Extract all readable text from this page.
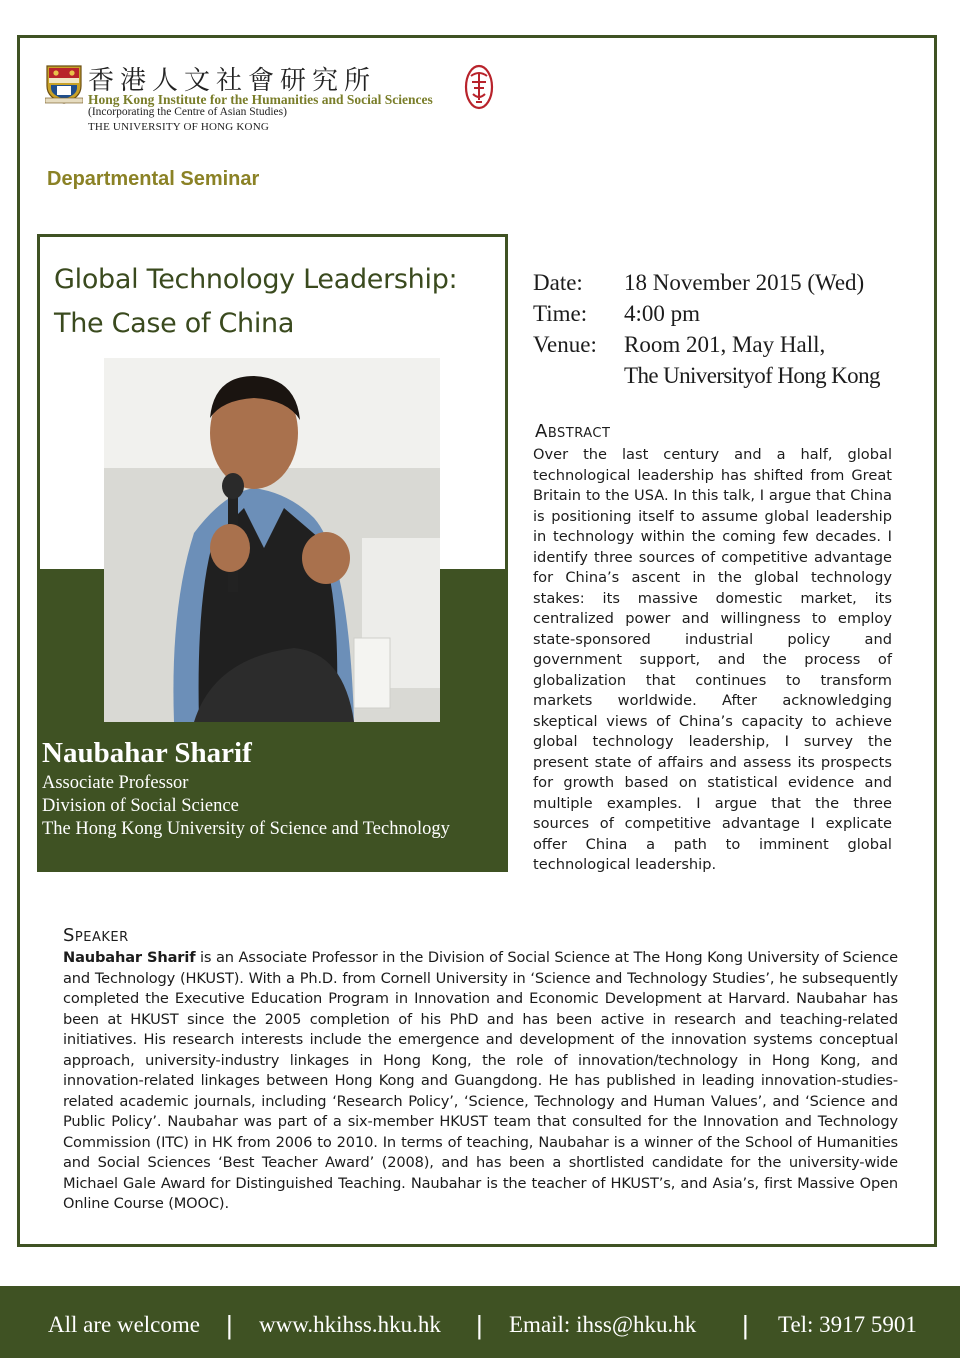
香港人文社會研究所
Hong Kong Institute for the Humanities and Social Sciences
(Incorporating the Centre of Asian Studies)
THE UNIVERSITY OF HONG KONG
Departmental Seminar
Global Technology Leadership:
The Case of China
Naubahar Sharif
Associate Professor
Division of Social Science
The Hong Kong University of Science and Technology
Date: 18 November 2015 (Wed)
Time: 4:00 pm
Venue: Room 201, May Hall,
The Universityof Hong Kong
Abstract

Over the last century and a half, global technological leadership has shifted from Great Britain to the USA. In this talk, I argue that China is positioning itself to assume global leadership in technology within the coming few decades. I identify three sources of competitive advantage for China’s ascent in the global technology stakes: its massive domestic market, its centralized power and willingness to employ state-sponsored industrial policy and government support, and the process of globalization that continues to transform markets worldwide. After acknowledging skeptical views of China’s capacity to achieve global technology leadership, I survey the present state of affairs and assess its prospects for growth based on statistical evidence and multiple examples. I argue that the three sources of competitive advantage I explicate offer China a path to imminent global technological leadership.

Speaker

Naubahar Sharif is an Associate Professor in the Division of Social Science at The Hong Kong University of Science and Technology (HKUST). With a Ph.D. from Cornell University in ‘Science and Technology Studies’, he subsequently completed the Executive Education Program in Innovation and Economic Development at Harvard. Naubahar has been at HKUST since the 2005 completion of his PhD and has been active in research and teaching-related initiatives. His research interests include the emergence and development of the innovation systems conceptual approach, university-industry linkages in Hong Kong, the role of innovation/technology in Hong Kong, and innovation-related linkages between Hong Kong and Guangdong. He has published in leading innovation-studies-related academic journals, including ‘Research Policy’, ‘Science, Technology and Human Values’, and ‘Science and Public Policy’. Naubahar was part of a six-member HKUST team that consulted for the Innovation and Technology Commission (ITC) in HK from 2006 to 2010. In terms of teaching, Naubahar is a winner of the School of Humanities and Social Sciences ‘Best Teacher Award’ (2008), and has been a shortlisted candidate for the university-wide Michael Gale Award for Distinguished Teaching. Naubahar is the teacher of HKUST’s, and Asia’s, first Massive Open Online Course (MOOC).

All are welcome | www.hkihss.hku.hk | Email: ihss@hku.hk | Tel: 3917 5901
